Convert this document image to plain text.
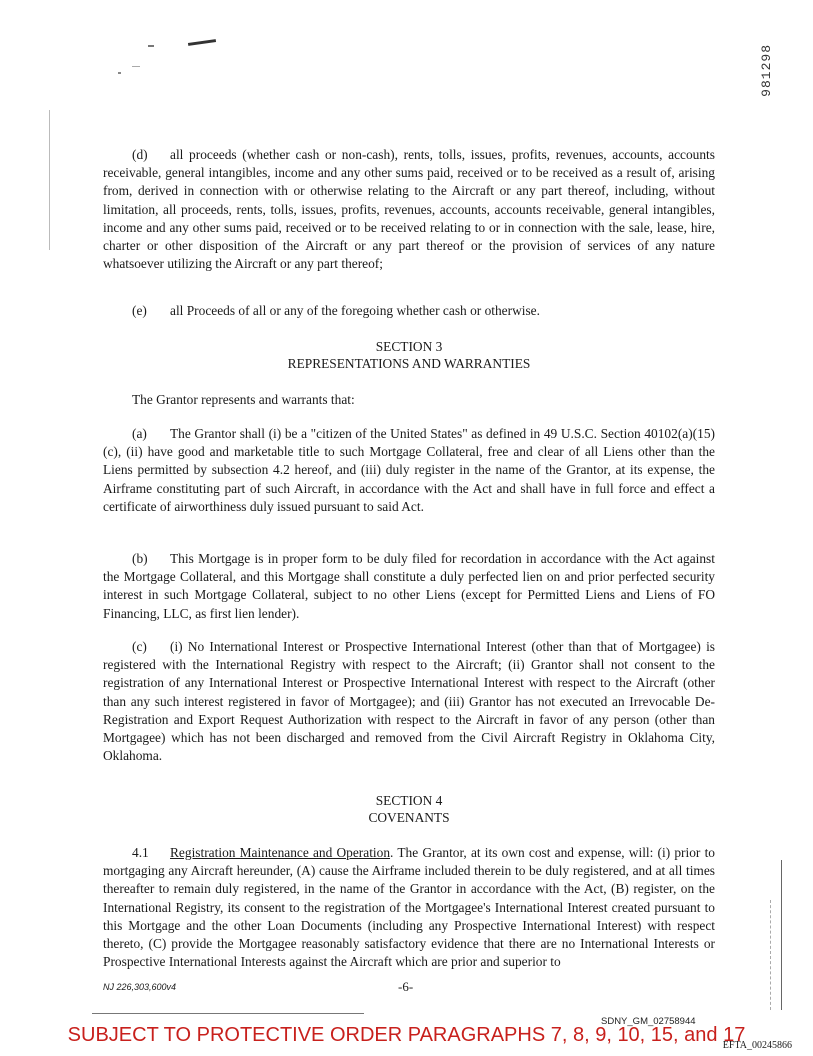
981298
(d) all proceeds (whether cash or non-cash), rents, tolls, issues, profits, revenues, accounts, accounts receivable, general intangibles, income and any other sums paid, received or to be received as a result of, arising from, derived in connection with or otherwise relating to the Aircraft or any part thereof, including, without limitation, all proceeds, rents, tolls, issues, profits, revenues, accounts, accounts receivable, general intangibles, income and any other sums paid, received or to be received relating to or in connection with the sale, lease, hire, charter or other disposition of the Aircraft or any part thereof or the provision of services of any nature whatsoever utilizing the Aircraft or any part thereof;
(e) all Proceeds of all or any of the foregoing whether cash or otherwise.
SECTION 3
REPRESENTATIONS AND WARRANTIES
The Grantor represents and warrants that:
(a) The Grantor shall (i) be a "citizen of the United States" as defined in 49 U.S.C. Section 40102(a)(15)(c), (ii) have good and marketable title to such Mortgage Collateral, free and clear of all Liens other than the Liens permitted by subsection 4.2 hereof, and (iii) duly register in the name of the Grantor, at its expense, the Airframe constituting part of such Aircraft, in accordance with the Act and shall have in full force and effect a certificate of airworthiness duly issued pursuant to said Act.
(b) This Mortgage is in proper form to be duly filed for recordation in accordance with the Act against the Mortgage Collateral, and this Mortgage shall constitute a duly perfected lien on and prior perfected security interest in such Mortgage Collateral, subject to no other Liens (except for Permitted Liens and Liens of FO Financing, LLC, as first lien lender).
(c) (i) No International Interest or Prospective International Interest (other than that of Mortgagee) is registered with the International Registry with respect to the Aircraft; (ii) Grantor shall not consent to the registration of any International Interest or Prospective International Interest with respect to the Aircraft (other than any such interest registered in favor of Mortgagee); and (iii) Grantor has not executed an Irrevocable De-Registration and Export Request Authorization with respect to the Aircraft in favor of any person (other than Mortgagee) which has not been discharged and removed from the Civil Aircraft Registry in Oklahoma City, Oklahoma.
SECTION 4
COVENANTS
4.1 Registration Maintenance and Operation. The Grantor, at its own cost and expense, will: (i) prior to mortgaging any Aircraft hereunder, (A) cause the Airframe included therein to be duly registered, and at all times thereafter to remain duly registered, in the name of the Grantor in accordance with the Act, (B) register, on the International Registry, its consent to the registration of the Mortgagee's International Interest created pursuant to this Mortgage and the other Loan Documents (including any Prospective International Interest) with respect thereto, (C) provide the Mortgagee reasonably satisfactory evidence that there are no International Interests or Prospective International Interests against the Aircraft which are prior and superior to
NJ 226,303,600v4	-6-
EFTA_00245866
SDNY_GM_02758944
SUBJECT TO PROTECTIVE ORDER PARAGRAPHS 7, 8, 9, 10, 15, and 17
